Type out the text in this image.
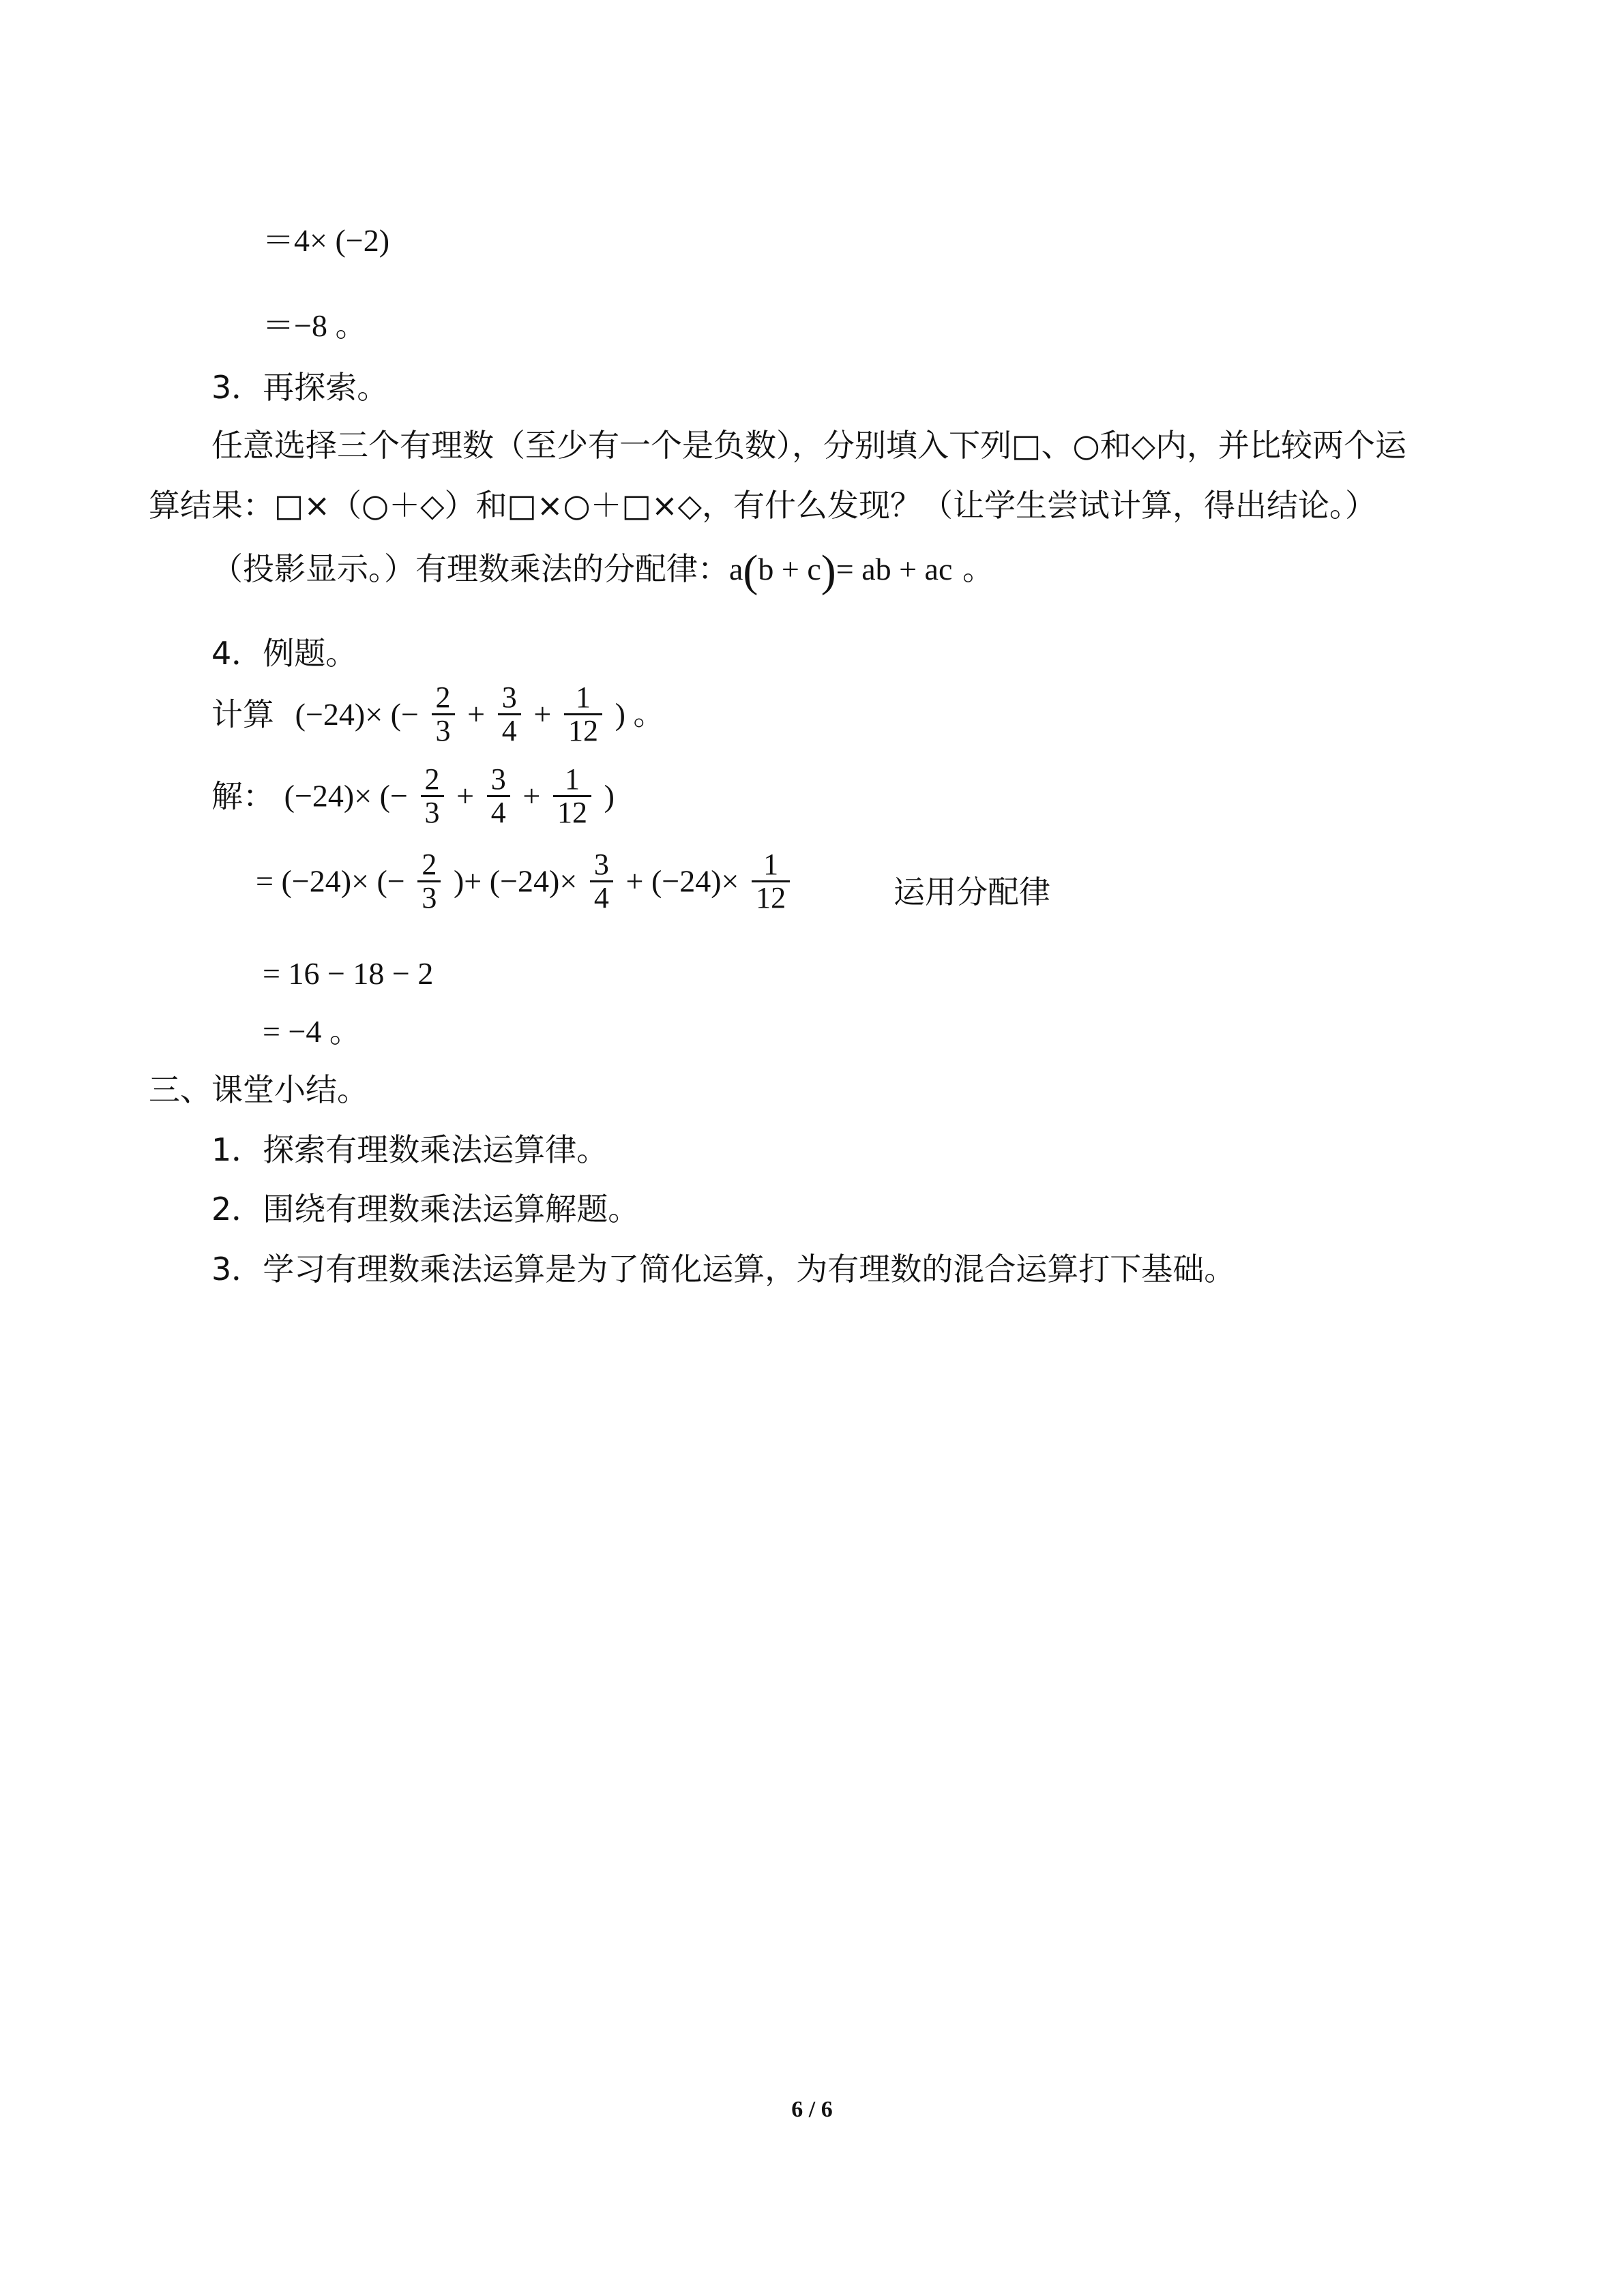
＝4× (−2)
＝−8 。
3．再探索。
任意选择三个有理数（至少有一个是负数），分别填入下列□、○和◇内，并比较两个运
算结果：□×（○＋◇）和□×○＋□×◇，有什么发现？（让学生尝试计算，得出结论。）
（投影显示。）有理数乘法的分配律：a(b + c)= ab + ac 。
4．例题。
计算 (−24)× (− $\frac{2}{3} + \frac{3}{4} + \frac{1}{12}$ ) 。
解： (−24)× (− $\frac{2}{3} + \frac{3}{4} + \frac{1}{12}$ )
= (−24)× (− $\frac{2}{3}$ )+ $(-24)\times \frac{3}{4} + (-24)\times \frac{1}{12}$	运用分配律
= 16 − 18 − 2
= −4 。
三、课堂小结。
1．探索有理数乘法运算律。
2．围绕有理数乘法运算解题。
3．学习有理数乘法运算是为了简化运算，为有理数的混合运算打下基础。
6 / 6
